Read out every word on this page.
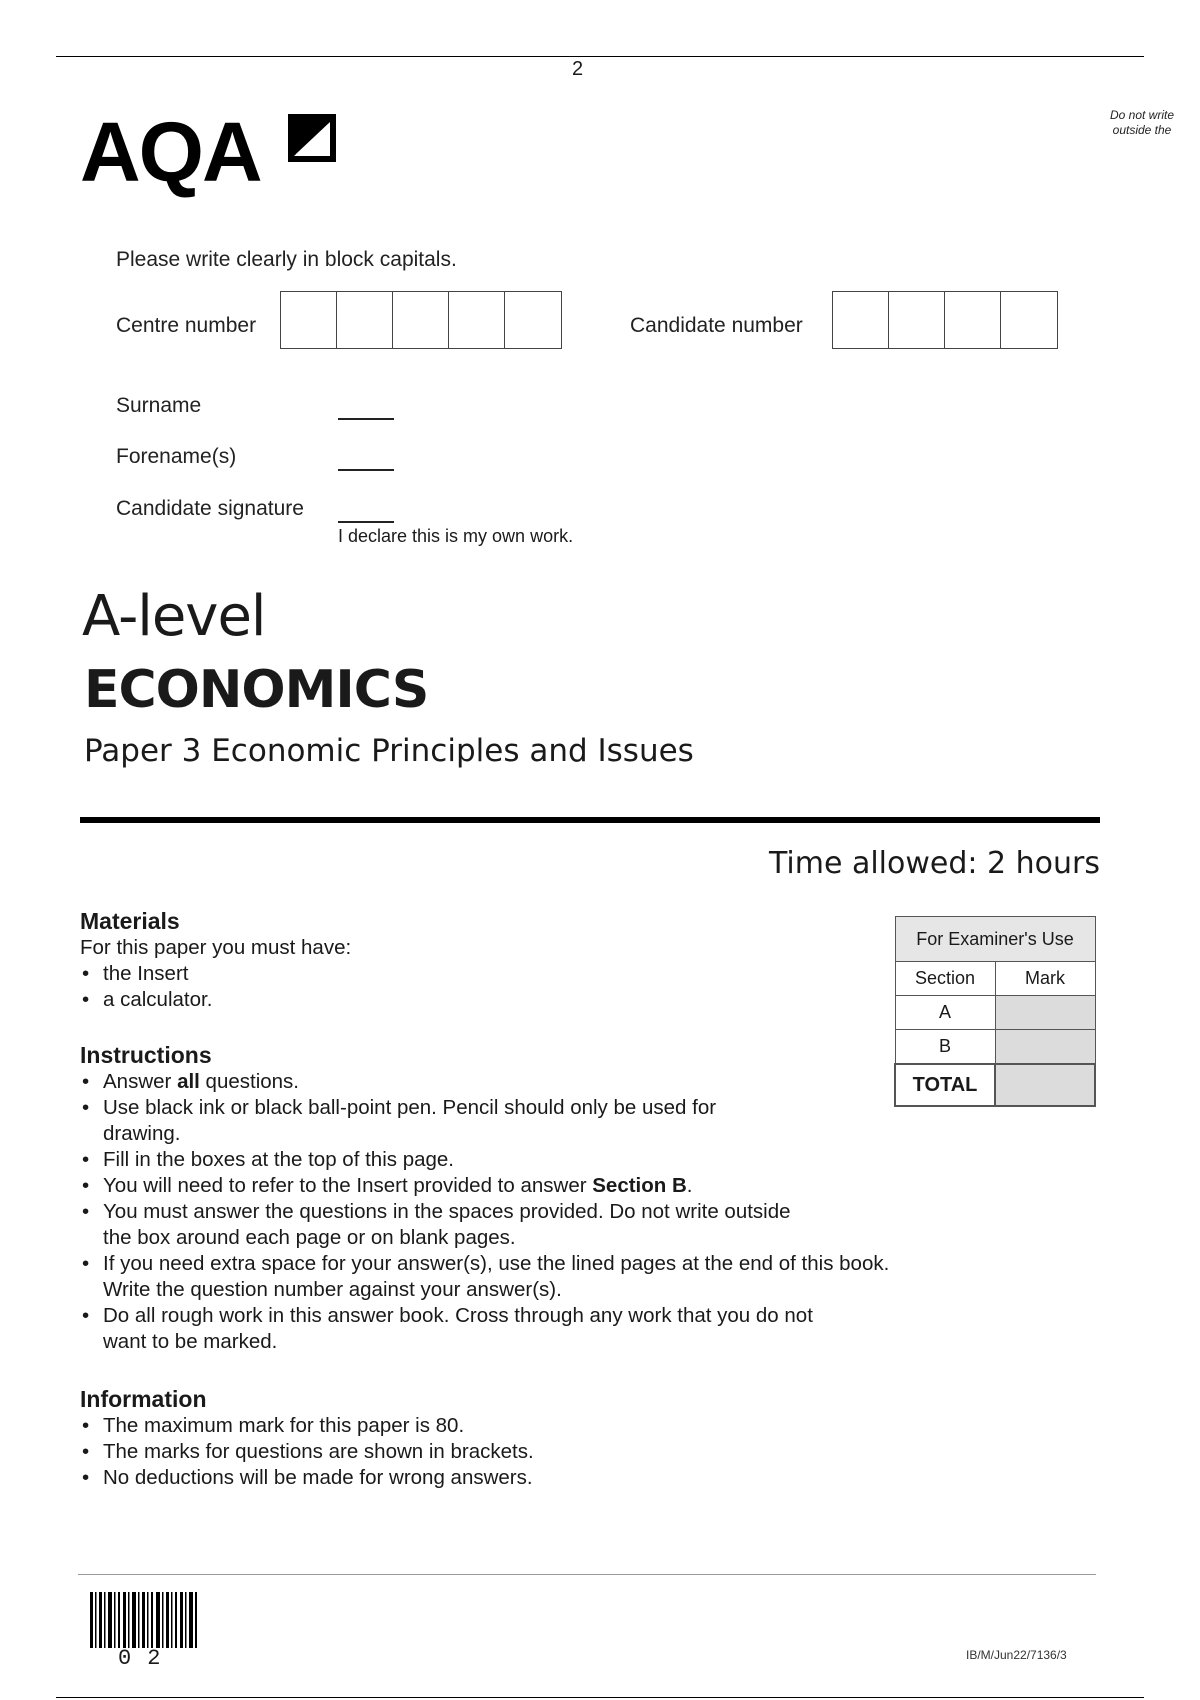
2
Do not write outside the
AQA
Please write clearly in block capitals.
Centre number	Candidate number
Surname
Forename(s)
Candidate signature
I declare this is my own work.
A-level
ECONOMICS
Paper 3 Economic Principles and Issues
Time allowed: 2 hours
Materials
For this paper you must have:
• the Insert
• a calculator.
Instructions
• Answer all questions.
• Use black ink or black ball-point pen. Pencil should only be used for drawing.
• Fill in the boxes at the top of this page.
• You will need to refer to the Insert provided to answer Section B.
• You must answer the questions in the spaces provided. Do not write outside the box around each page or on blank pages.
• If you need extra space for your answer(s), use the lined pages at the end of this book. Write the question number against your answer(s).
• Do all rough work in this answer book. Cross through any work that you do not want to be marked.
Information
• The maximum mark for this paper is 80.
• The marks for questions are shown in brackets.
• No deductions will be made for wrong answers.
For Examiner's Use	
Section	Mark
A	
B	
TOTAL	
02	IB/M/Jun22/7136/3
